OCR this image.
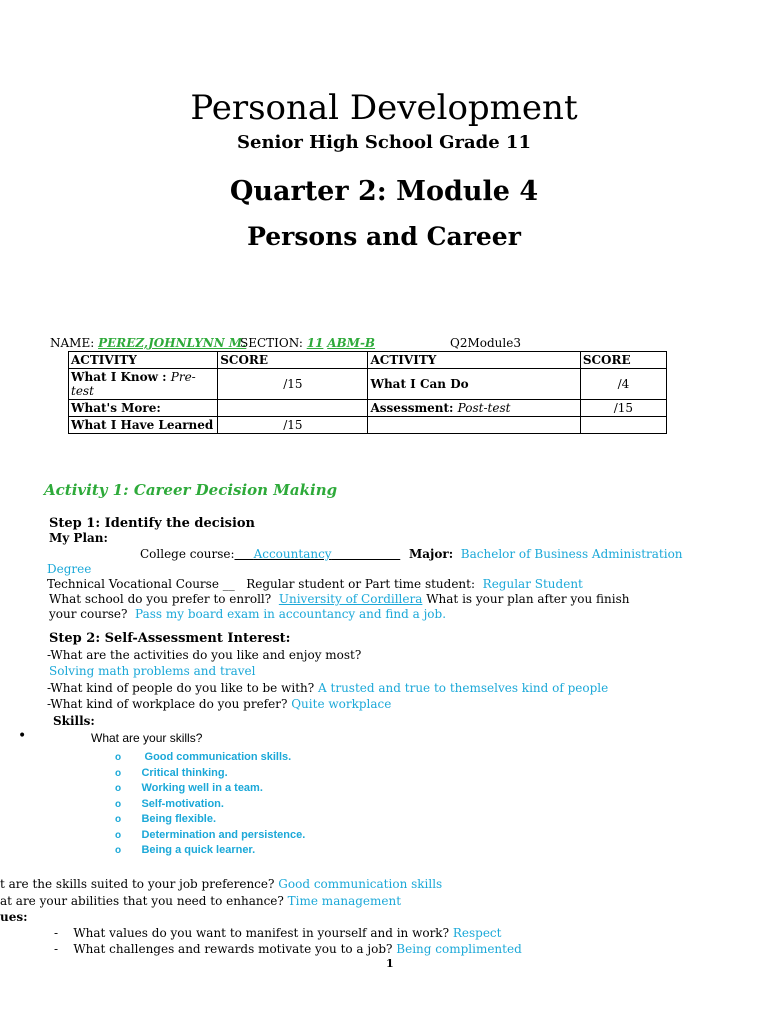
Personal Development
Senior High School Grade 11
Quarter 2: Module 4
Persons and Career
NAME: PEREZ,JOHNLYNN M.
SECTION: 11 ABM-B	Q2Module3
ACTIVITY	SCORE	ACTIVITY	SCORE
What I Know : Pre-test	/15	What I Can Do	/4
What's More:		Assessment: Post-test	/15
What I Have Learned	/15		
Activity 1: Career Decision Making
Step 1: Identify the decision
My Plan:
College course: Accountancy	Major: Bachelor of Business Administration
Degree
Technical Vocational Course __ Regular student or Part time student: Regular Student
What school do you prefer to enroll? University of Cordillera What is your plan after you finish
your course? Pass my board exam in accountancy and find a job.
Step 2: Self-Assessment Interest:
-What are the activities do you like and enjoy most?
Solving math problems and travel
-What kind of people do you like to be with? A trusted and true to themselves kind of people
-What kind of workplace do you prefer? Quite workplace
Skills:
•	What are your skills?
o     Good communication skills.
o Critical thinking.
o Working well in a team.
o Self-motivation.
o Being flexible.
o Determination and persistence.
o Being a quick learner.
t are the skills suited to your job preference? Good communication skills
at are your abilities that you need to enhance? Time management
ues:
- What values do you want to manifest in yourself and in work? Respect
- What challenges and rewards motivate you to a job? Being complimented
1
